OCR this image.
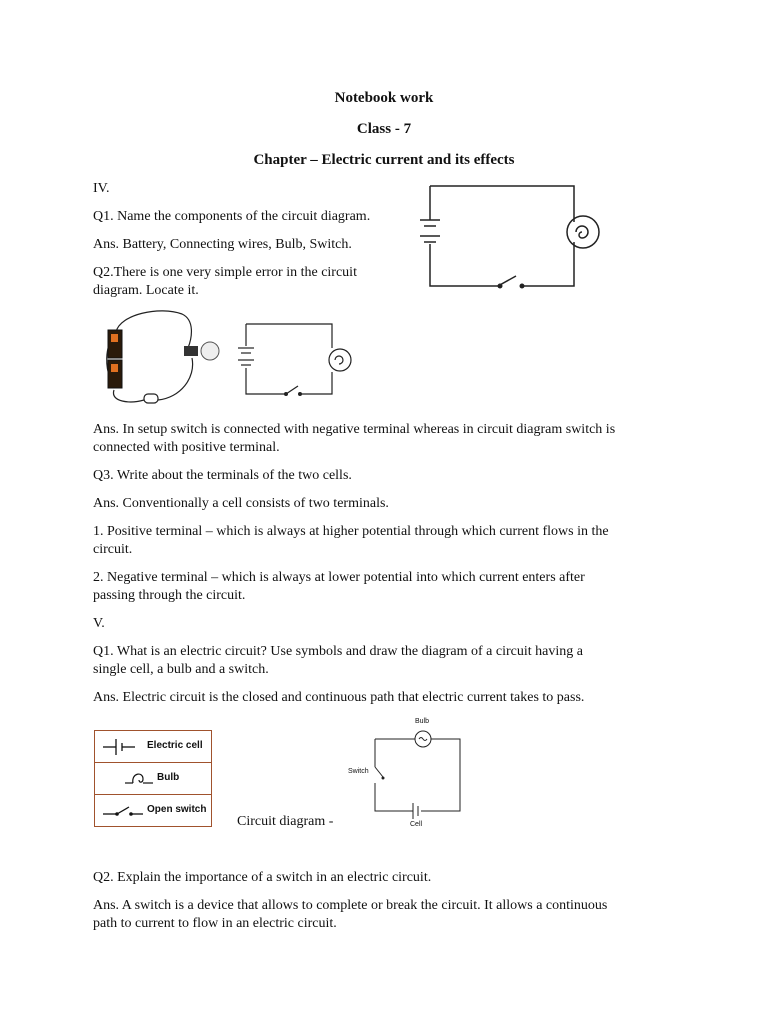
Notebook work
Class - 7
Chapter – Electric current and its effects
IV.
Q1. Name the components of the circuit diagram.
Ans. Battery, Connecting wires, Bulb, Switch.
Q2.There is one very simple error in the circuit
diagram. Locate it.
Ans. In setup switch is connected with negative terminal whereas in circuit diagram switch is
connected with positive terminal.
Q3. Write about the terminals of the two cells.
Ans. Conventionally a cell consists of two terminals.
1. Positive terminal – which is always at higher potential through which current flows in the
circuit.
2. Negative terminal – which is always at lower potential into which current enters after
passing through the circuit.
V.
Q1. What is an electric circuit? Use symbols and draw the diagram of a circuit having a
single cell, a bulb and a switch.
Ans. Electric circuit is the closed and continuous path that electric current takes to pass.
Electric cell
Bulb
Open switch
Circuit diagram -
Bulb
Switch
Cell
Q2. Explain the importance of a switch in an electric circuit.
Ans. A switch is a device that allows to complete or break the circuit. It allows a continuous
path to current to flow in an electric circuit.
